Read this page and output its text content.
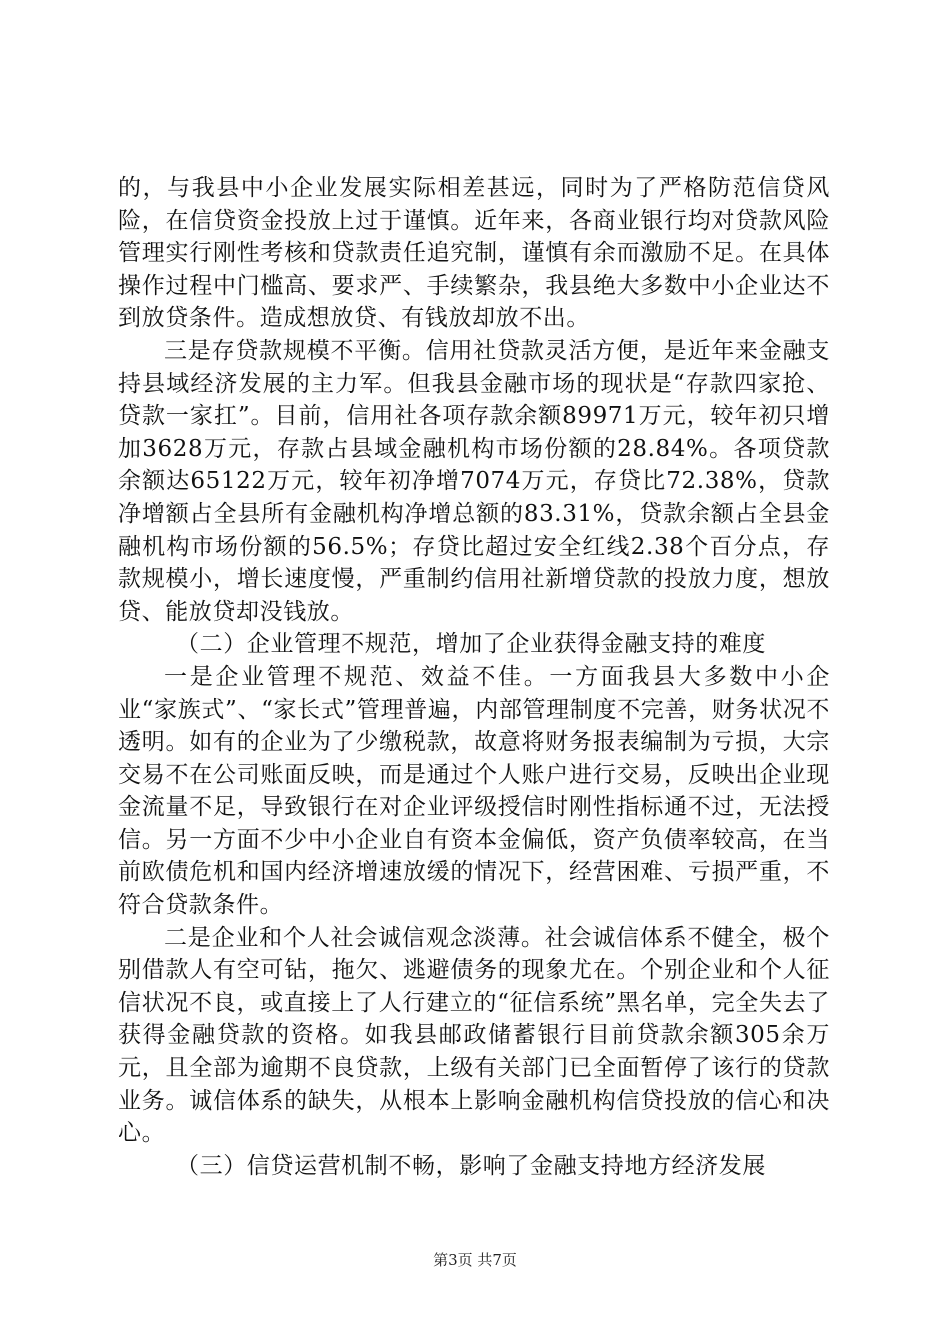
的，与我县中小企业发展实际相差甚远，同时为了严格防范信贷风险，在信贷资金投放上过于谨慎。近年来，各商业银行均对贷款风险管理实行刚性考核和贷款责任追究制，谨慎有余而激励不足。在具体操作过程中门槛高、要求严、手续繁杂，我县绝大多数中小企业达不到放贷条件。造成想放贷、有钱放却放不出。

三是存贷款规模不平衡。信用社贷款灵活方便，是近年来金融支持县域经济发展的主力军。但我县金融市场的现状是“存款四家抢、贷款一家扛”。目前，信用社各项存款余额89971万元，较年初只增加3628万元，存款占县域金融机构市场份额的28.84%。各项贷款余额达65122万元，较年初净增7074万元，存贷比72.38%，贷款净增额占全县所有金融机构净增总额的83.31%，贷款余额占全县金融机构市场份额的56.5%；存贷比超过安全红线2.38个百分点，存款规模小，增长速度慢，严重制约信用社新增贷款的投放力度，想放贷、能放贷却没钱放。

（二）企业管理不规范，增加了企业获得金融支持的难度

一是企业管理不规范、效益不佳。一方面我县大多数中小企业“家族式”、“家长式”管理普遍，内部管理制度不完善，财务状况不透明。如有的企业为了少缴税款，故意将财务报表编制为亏损，大宗交易不在公司账面反映，而是通过个人账户进行交易，反映出企业现金流量不足，导致银行在对企业评级授信时刚性指标通不过，无法授信。另一方面不少中小企业自有资本金偏低，资产负债率较高，在当前欧债危机和国内经济增速放缓的情况下，经营困难、亏损严重，不符合贷款条件。

二是企业和个人社会诚信观念淡薄。社会诚信体系不健全，极个别借款人有空可钻，拖欠、逃避债务的现象尤在。个别企业和个人征信状况不良，或直接上了人行建立的“征信系统”黑名单，完全失去了获得金融贷款的资格。如我县邮政储蓄银行目前贷款余额305余万元，且全部为逾期不良贷款，上级有关部门已全面暂停了该行的贷款业务。诚信体系的缺失，从根本上影响金融机构信贷投放的信心和决心。

（三）信贷运营机制不畅，影响了金融支持地方经济发展

第3页 共7页
